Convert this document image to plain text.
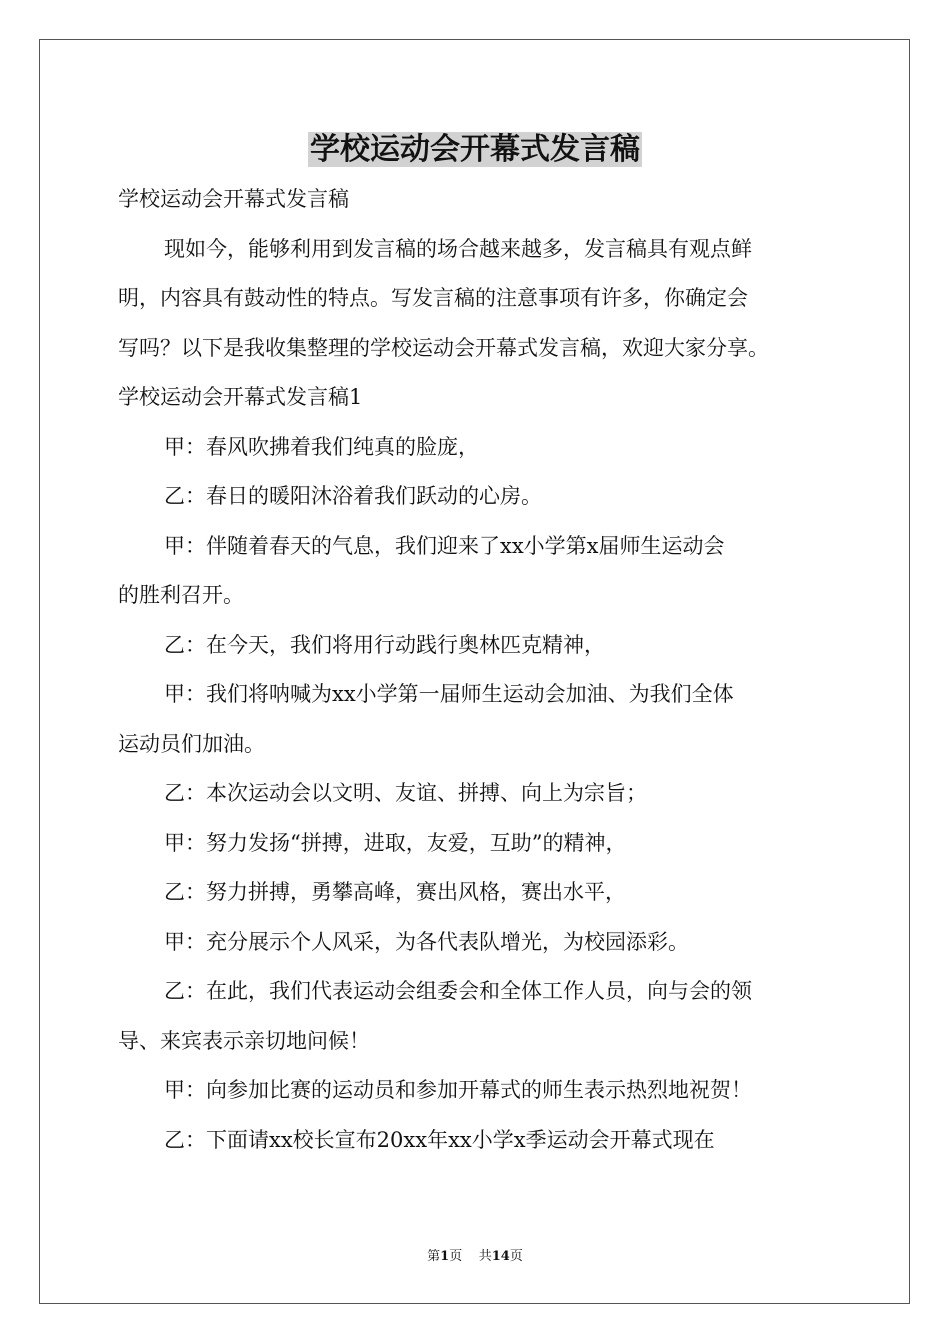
学校运动会开幕式发言稿

学校运动会开幕式发言稿

现如今，能够利用到发言稿的场合越来越多，发言稿具有观点鲜

明，内容具有鼓动性的特点。写发言稿的注意事项有许多，你确定会

写吗？以下是我收集整理的学校运动会开幕式发言稿，欢迎大家分享。

学校运动会开幕式发言稿1

甲：春风吹拂着我们纯真的脸庞，

乙：春日的暖阳沐浴着我们跃动的心房。

甲：伴随着春天的气息，我们迎来了xx小学第x届师生运动会

的胜利召开。

乙：在今天，我们将用行动践行奥林匹克精神，

甲：我们将呐喊为xx小学第一届师生运动会加油、为我们全体

运动员们加油。

乙：本次运动会以文明、友谊、拼搏、向上为宗旨；

甲：努力发扬“拼搏，进取，友爱，互助”的精神，

乙：努力拼搏，勇攀高峰，赛出风格，赛出水平，

甲：充分展示个人风采，为各代表队增光，为校园添彩。

乙：在此，我们代表运动会组委会和全体工作人员，向与会的领

导、来宾表示亲切地问候！

甲：向参加比赛的运动员和参加开幕式的师生表示热烈地祝贺！

乙：下面请xx校长宣布20xx年xx小学x季运动会开幕式现在

第1页 共14页
